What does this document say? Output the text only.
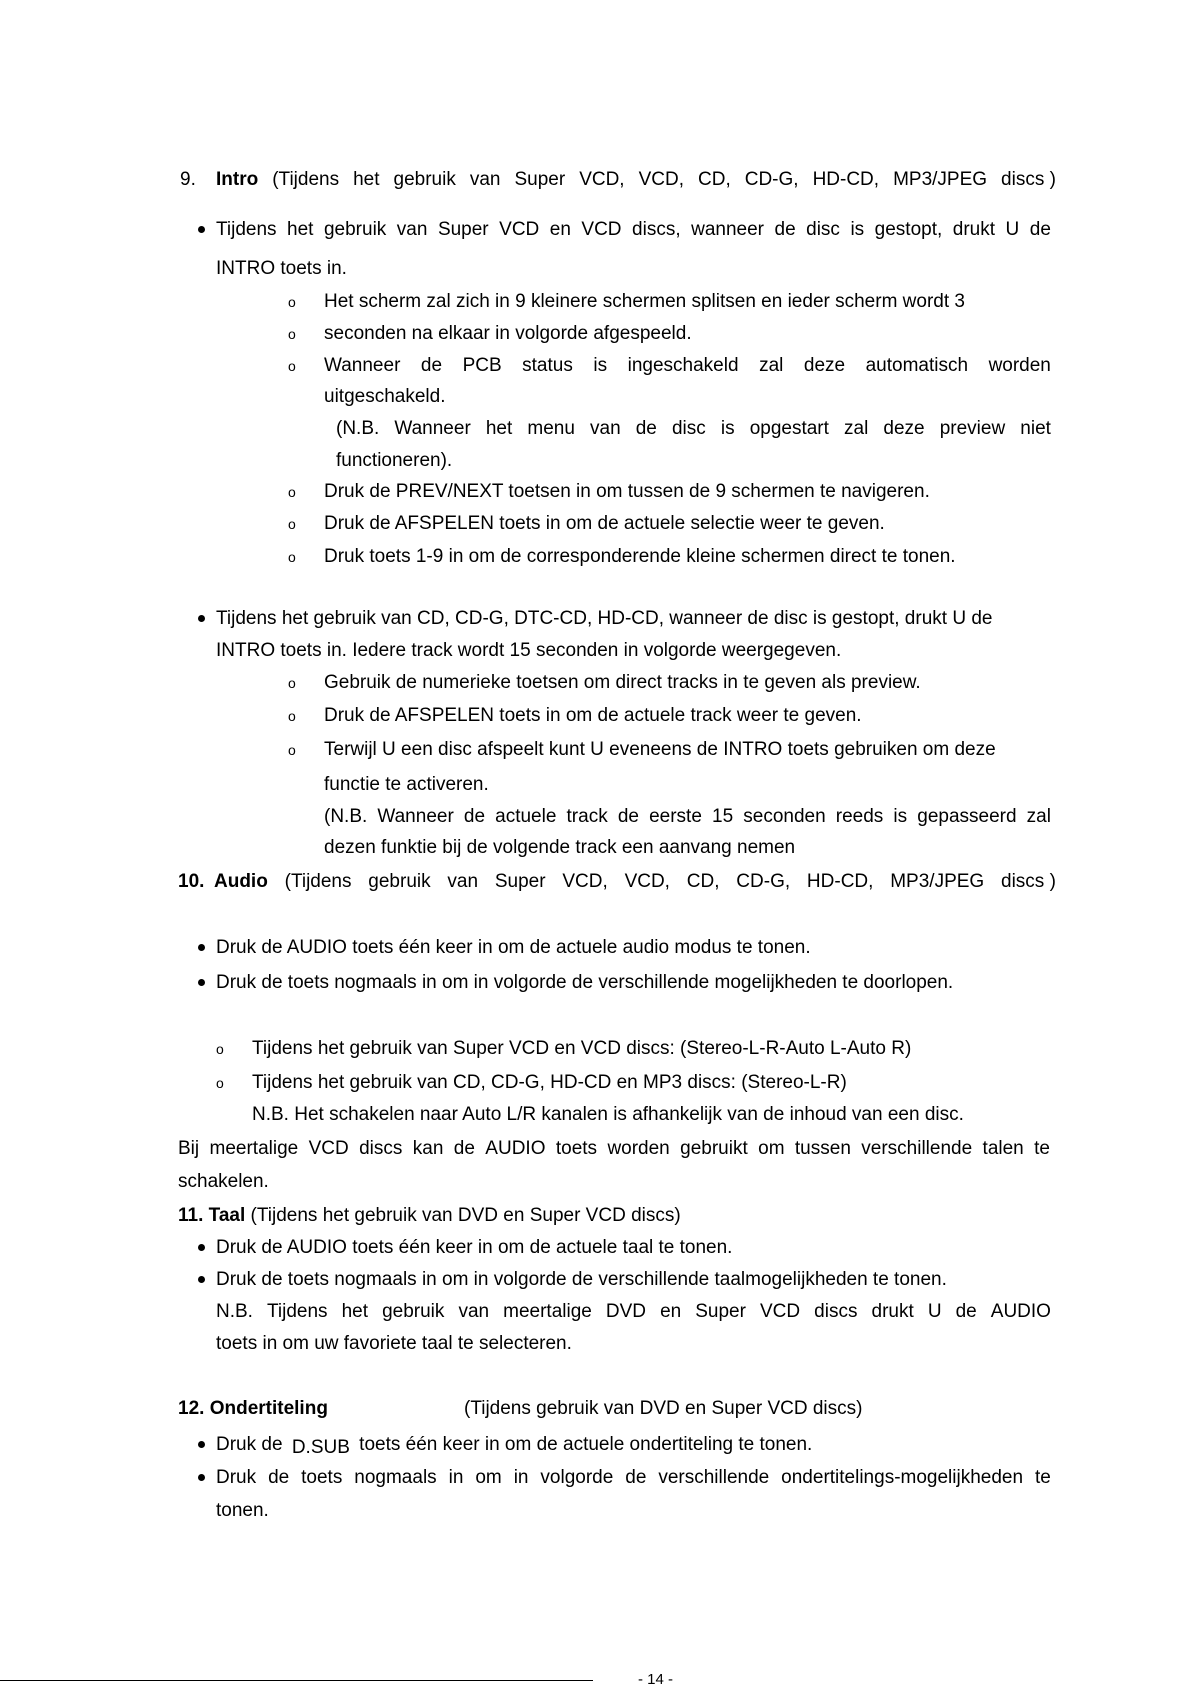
9. Intro (Tijdens het gebruik van Super VCD, VCD, CD, CD-G, HD-CD, MP3/JPEG discs )
Tijdens het gebruik van Super VCD en VCD discs, wanneer de disc is gestopt, drukt U de
INTRO toets in.
o Het scherm zal zich in 9 kleinere schermen splitsen en ieder scherm wordt 3
o seconden na elkaar in volgorde afgespeeld.
o Wanneer de PCB status is ingeschakeld zal deze automatisch worden
uitgeschakeld.
(N.B. Wanneer het menu van de disc is opgestart zal deze preview niet
functioneren).
o Druk de PREV/NEXT toetsen in om tussen de 9 schermen te navigeren.
o Druk de AFSPELEN toets in om de actuele selectie weer te geven.
o Druk toets 1-9 in om de corresponderende kleine schermen direct te tonen.
Tijdens het gebruik van CD, CD-G, DTC-CD, HD-CD, wanneer de disc is gestopt, drukt U de
INTRO toets in. Iedere track wordt 15 seconden in volgorde weergegeven.
o Gebruik de numerieke toetsen om direct tracks in te geven als preview.
o Druk de AFSPELEN toets in om de actuele track weer te geven.
o Terwijl U een disc afspeelt kunt U eveneens de INTRO toets gebruiken om deze
functie te activeren.
(N.B. Wanneer de actuele track de eerste 15 seconden reeds is gepasseerd zal
dezen funktie bij de volgende track een aanvang nemen
10. Audio (Tijdens gebruik van Super VCD, VCD, CD, CD-G, HD-CD, MP3/JPEG discs )
Druk de AUDIO toets één keer in om de actuele audio modus te tonen.
Druk de toets nogmaals in om in volgorde de verschillende mogelijkheden te doorlopen.
o Tijdens het gebruik van Super VCD en VCD discs: (Stereo-L-R-Auto L-Auto R)
o Tijdens het gebruik van CD, CD-G, HD-CD en MP3 discs: (Stereo-L-R)
N.B. Het schakelen naar Auto L/R kanalen is afhankelijk van de inhoud van een disc.
Bij meertalige VCD discs kan de AUDIO toets worden gebruikt om tussen verschillende talen te
schakelen.
11. Taal (Tijdens het gebruik van DVD en Super VCD discs)
Druk de AUDIO toets één keer in om de actuele taal te tonen.
Druk de toets nogmaals in om in volgorde de verschillende taalmogelijkheden te tonen.
N.B. Tijdens het gebruik van meertalige DVD en Super VCD discs drukt U de AUDIO
toets in om uw favoriete taal te selecteren.
12. Ondertiteling	(Tijdens gebruik van DVD en Super VCD discs)
Druk de D.SUB toets één keer in om de actuele ondertiteling te tonen.
Druk de toets nogmaals in om in volgorde de verschillende ondertitelings-mogelijkheden te
tonen.
- 14 -
